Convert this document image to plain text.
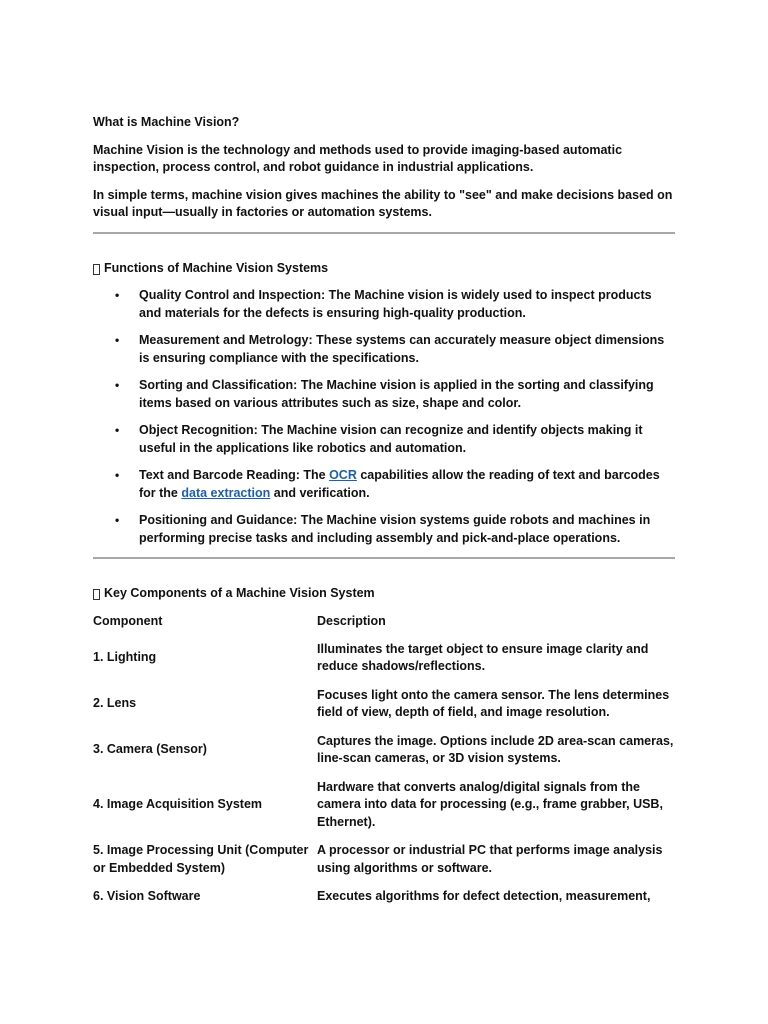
What is Machine Vision?
Machine Vision is the technology and methods used to provide imaging-based automatic inspection, process control, and robot guidance in industrial applications.
In simple terms, machine vision gives machines the ability to "see" and make decisions based on visual input—usually in factories or automation systems.
Functions of Machine Vision Systems
• Quality Control and Inspection: The Machine vision is widely used to inspect products and materials for the defects is ensuring high-quality production.
• Measurement and Metrology: These systems can accurately measure object dimensions is ensuring compliance with the specifications.
• Sorting and Classification: The Machine vision is applied in the sorting and classifying items based on various attributes such as size, shape and color.
• Object Recognition: The Machine vision can recognize and identify objects making it useful in the applications like robotics and automation.
• Text and Barcode Reading: The OCR capabilities allow the reading of text and barcodes for the data extraction and verification.
• Positioning and Guidance: The Machine vision systems guide robots and machines in performing precise tasks and including assembly and pick-and-place operations.
Key Components of a Machine Vision System
Component	Description
1. Lighting	Illuminates the target object to ensure image clarity and reduce shadows/reflections.
2. Lens	Focuses light onto the camera sensor. The lens determines field of view, depth of field, and image resolution.
3. Camera (Sensor)	Captures the image. Options include 2D area-scan cameras, line-scan cameras, or 3D vision systems.
4. Image Acquisition System	Hardware that converts analog/digital signals from the camera into data for processing (e.g., frame grabber, USB, Ethernet).
5. Image Processing Unit (Computer or Embedded System)	A processor or industrial PC that performs image analysis using algorithms or software.
6. Vision Software	Executes algorithms for defect detection, measurement,
